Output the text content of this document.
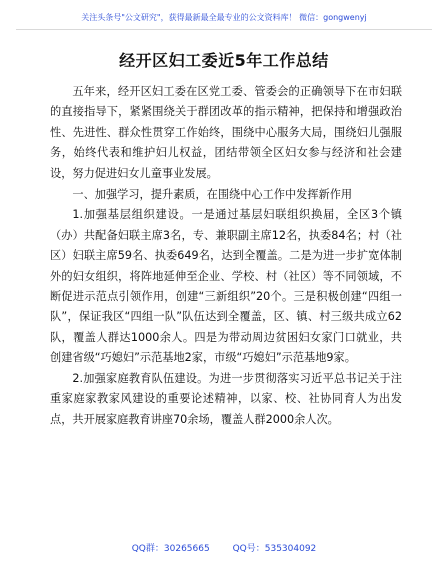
关注头条号"公文研究"，获得最新最全最专业的公文资料库！ 微信：gongwenyj
经开区妇工委近5年工作总结

五年来，经开区妇工委在区党工委、管委会的正确领导下在市妇联的直接指导下，紧紧围绕关于群团改革的指示精神，把保持和增强政治性、先进性、群众性贯穿工作始终，围绕中心服务大局，围绕妇儿强服务，始终代表和维护妇儿权益，团结带领全区妇女参与经济和社会建设，努力促进妇女儿童事业发展。

一、加强学习，提升素质，在围绕中心工作中发挥新作用

1.加强基层组织建设。一是通过基层妇联组织换届，全区3个镇（办）共配备妇联主席3名，专、兼职副主席12名，执委84名；村（社区）妇联主席59名、执委649名，达到全覆盖。二是为进一步扩宽体制外的妇女组织，将阵地延伸至企业、学校、村（社区）等不同领域，不断促进示范点引领作用，创建“三新组织”20个。三是积极创建“四组一队”，保证我区“四组一队”队伍达到全覆盖，区、镇、村三级共成立62队，覆盖人群达1000余人。四是为带动周边贫困妇女家门口就业，共创建省级“巧媳妇”示范基地2家，市级“巧媳妇”示范基地9家。

2.加强家庭教育队伍建设。为进一步贯彻落实习近平总书记关于注重家庭家教家风建设的重要论述精神，以家、校、社协同育人为出发点，共开展家庭教育讲座70余场，覆盖人群2000余人次。

QQ群：30265665	QQ号：535304092
